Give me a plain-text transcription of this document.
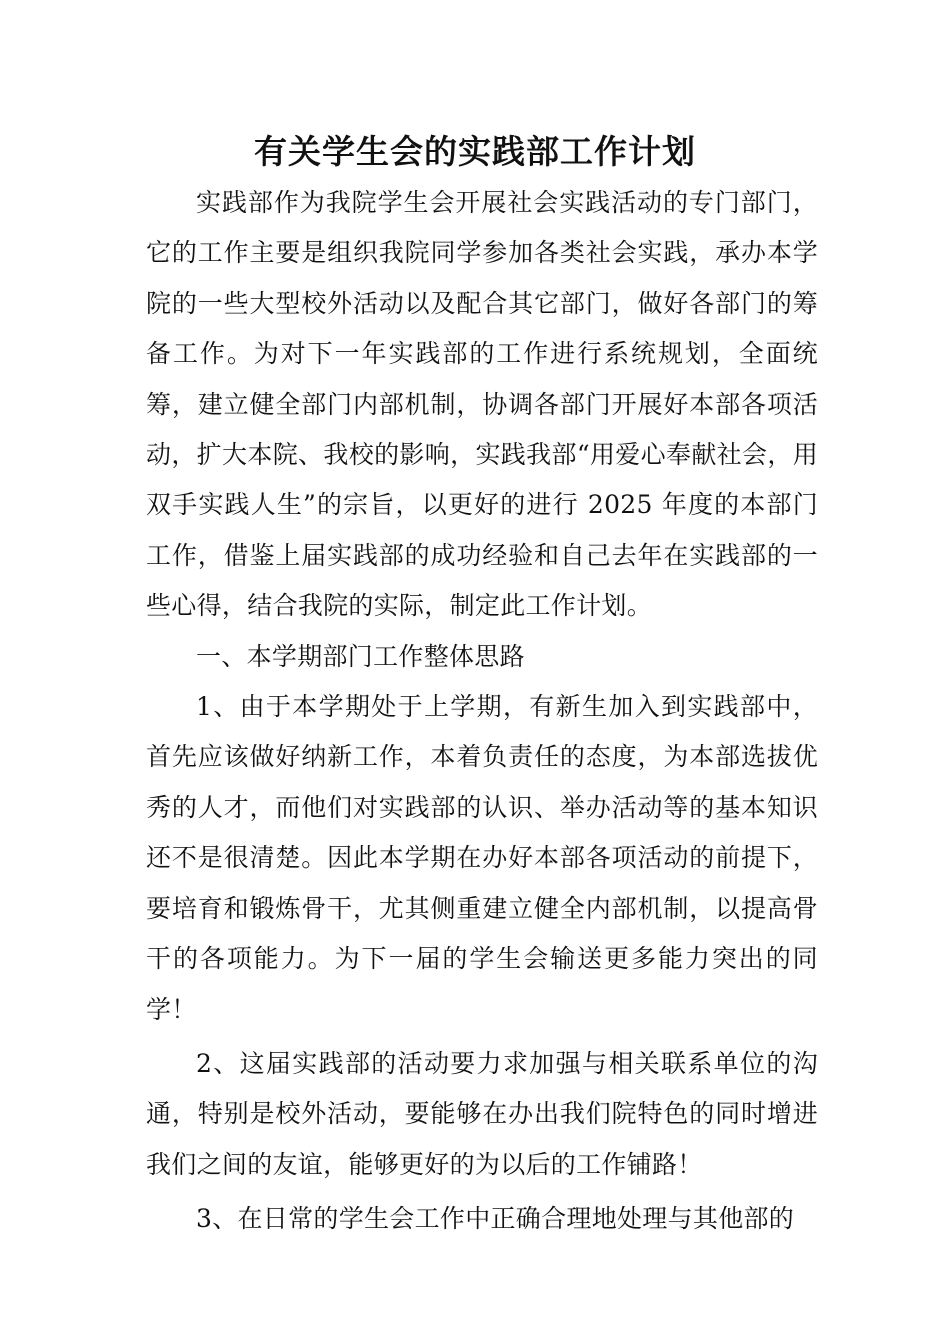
有关学生会的实践部工作计划

实践部作为我院学生会开展社会实践活动的专门部门，它的工作主要是组织我院同学参加各类社会实践，承办本学院的一些大型校外活动以及配合其它部门，做好各部门的筹备工作。为对下一年实践部的工作进行系统规划，全面统筹，建立健全部门内部机制，协调各部门开展好本部各项活动，扩大本院、我校的影响，实践我部“用爱心奉献社会，用双手实践人生”的宗旨，以更好的进行 2025 年度的本部门工作，借鉴上届实践部的成功经验和自己去年在实践部的一些心得，结合我院的实际，制定此工作计划。

一、本学期部门工作整体思路

1、由于本学期处于上学期，有新生加入到实践部中，首先应该做好纳新工作，本着负责任的态度，为本部选拔优秀的人才，而他们对实践部的认识、举办活动等的基本知识还不是很清楚。因此本学期在办好本部各项活动的前提下，要培育和锻炼骨干，尤其侧重建立健全内部机制，以提高骨干的各项能力。为下一届的学生会输送更多能力突出的同学！

2、这届实践部的活动要力求加强与相关联系单位的沟通，特别是校外活动，要能够在办出我们院特色的同时增进我们之间的友谊，能够更好的为以后的工作铺路！

3、在日常的学生会工作中正确合理地处理与其他部的
